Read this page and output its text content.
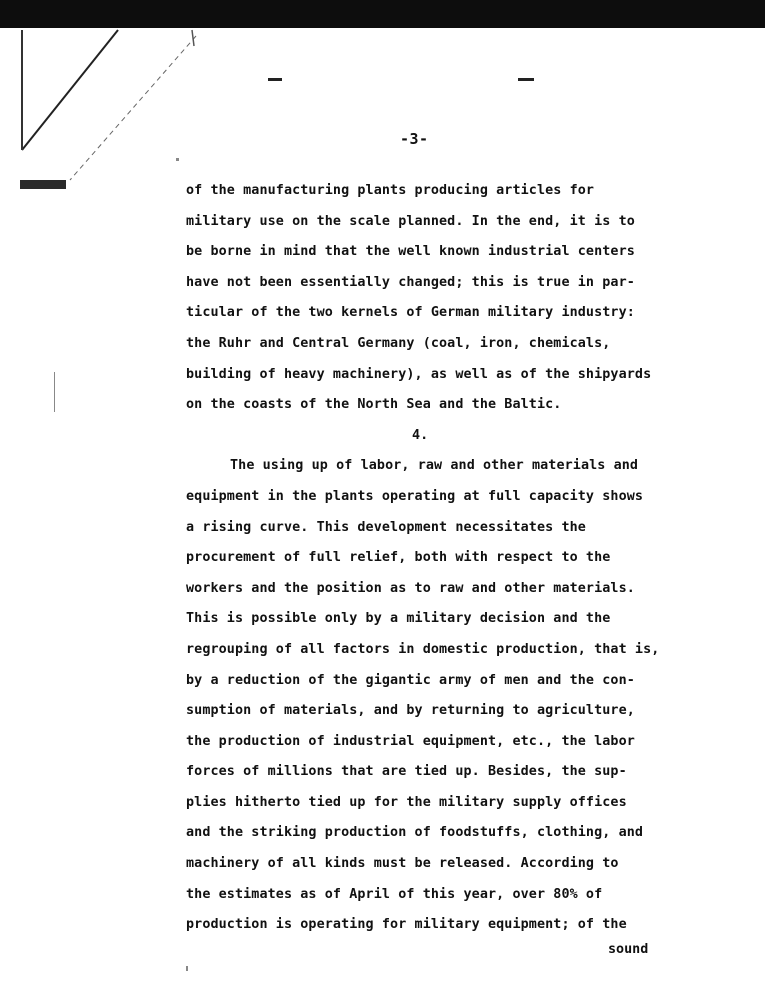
-3-
of the manufacturing plants producing articles for
military use on the scale planned. In the end, it is to
be borne in mind that the well known industrial centers
have not been essentially changed; this is true in par-
ticular of the two kernels of German military industry:
the Ruhr and Central Germany (coal, iron, chemicals,
building of heavy machinery), as well as of the shipyards
on the coasts of the North Sea and the Baltic.
4.
The using up of labor, raw and other materials and
equipment in the plants operating at full capacity shows
a rising curve. This development necessitates the
procurement of full relief, both with respect to the
workers and the position as to raw and other materials.
This is possible only by a military decision and the
regrouping of all factors in domestic production, that is,
by a reduction of the gigantic army of men and the con-
sumption of materials, and by returning to agriculture,
the production of industrial equipment, etc., the labor
forces of millions that are tied up. Besides, the sup-
plies hitherto tied up for the military supply offices
and the striking production of foodstuffs, clothing, and
machinery of all kinds must be released. According to
the estimates as of April of this year, over 80% of
production is operating for military equipment; of the
sound
